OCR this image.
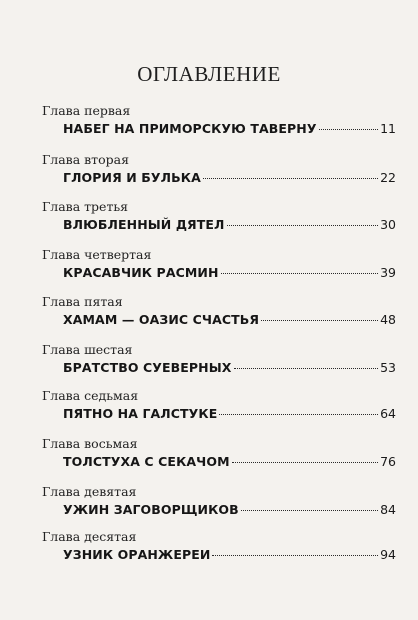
ОГЛАВЛЕНИЕ
Глава первая
НАБЕГ НА ПРИМОРСКУЮ ТАВЕРНУ	11
Глава вторая
ГЛОРИЯ И БУЛЬКА	22
Глава третья
ВЛЮБЛЕННЫЙ ДЯТЕЛ	30
Глава четвертая
КРАСАВЧИК РАСМИН	39
Глава пятая
ХАМАМ — ОАЗИС СЧАСТЬЯ	48
Глава шестая
БРАТСТВО СУЕВЕРНЫХ	53
Глава седьмая
ПЯТНО НА ГАЛСТУКЕ	64
Глава восьмая
ТОЛСТУХА С СЕКАЧОМ	76
Глава девятая
УЖИН ЗАГОВОРЩИКОВ	84
Глава десятая
УЗНИК ОРАНЖЕРЕИ	94
